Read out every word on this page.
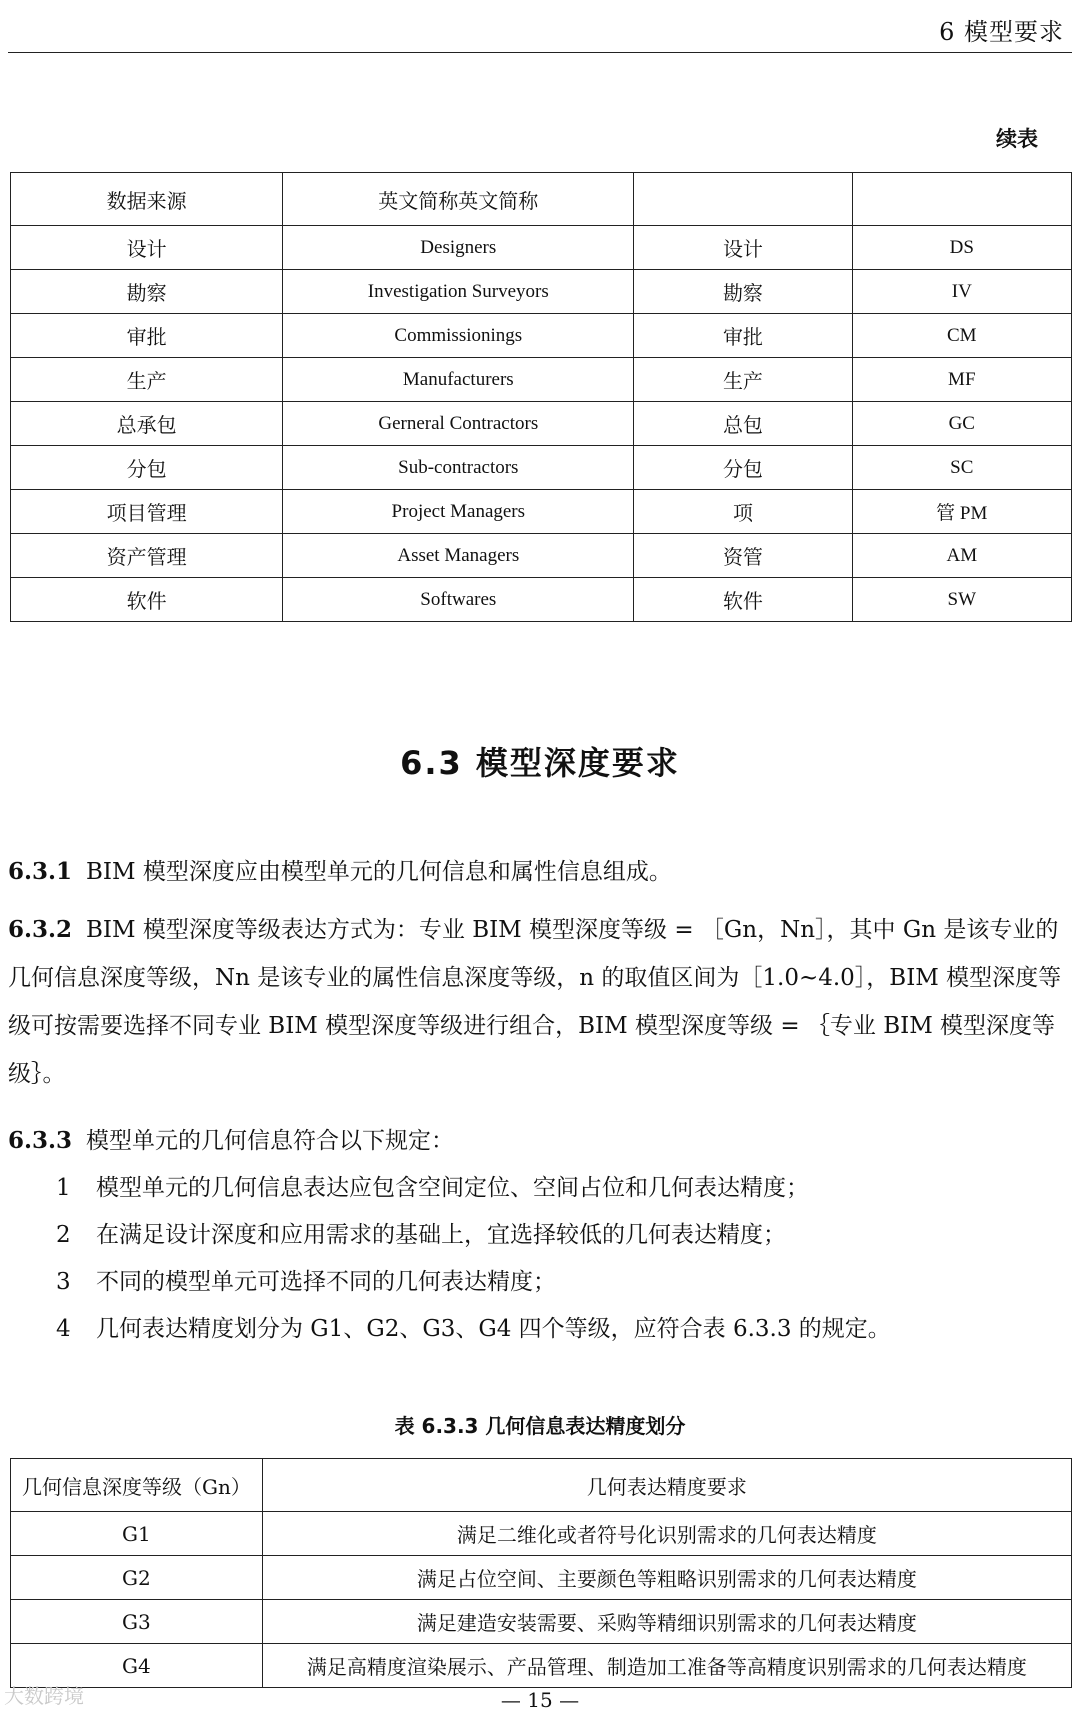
6 模型要求
续表
数据来源	英文简称英文简称		
设计	Designers	设计	DS
勘察	Investigation Surveyors	勘察	IV
审批	Commissionings	审批	CM
生产	Manufacturers	生产	MF
总承包	Gerneral Contractors	总包	GC
分包	Sub-contractors	分包	SC
项目管理	Project Managers	项	管 PM
资产管理	Asset Managers	资管	AM
软件	Softwares	软件	SW
6.3 模型深度要求
6.3.1 BIM 模型深度应由模型单元的几何信息和属性信息组成。
6.3.2 BIM 模型深度等级表达方式为：专业 BIM 模型深度等级 = ［Gn，Nn］，其中 Gn 是该专业的几何信息深度等级，Nn 是该专业的属性信息深度等级，n 的取值区间为［1.0~4.0］，BIM 模型深度等级可按需要选择不同专业 BIM 模型深度等级进行组合，BIM 模型深度等级 = ｛专业 BIM 模型深度等级｝。
6.3.3 模型单元的几何信息符合以下规定：
1 模型单元的几何信息表达应包含空间定位、空间占位和几何表达精度；
2 在满足设计深度和应用需求的基础上，宜选择较低的几何表达精度；
3 不同的模型单元可选择不同的几何表达精度；
4 几何表达精度划分为 G1、G2、G3、G4 四个等级，应符合表 6.3.3 的规定。
表 6.3.3 几何信息表达精度划分
几何信息深度等级（Gn）	几何表达精度要求
G1	满足二维化或者符号化识别需求的几何表达精度
G2	满足占位空间、主要颜色等粗略识别需求的几何表达精度
G3	满足建造安装需要、采购等精细识别需求的几何表达精度
G4	满足高精度渲染展示、产品管理、制造加工准备等高精度识别需求的几何表达精度
— 15 —
大数跨境
